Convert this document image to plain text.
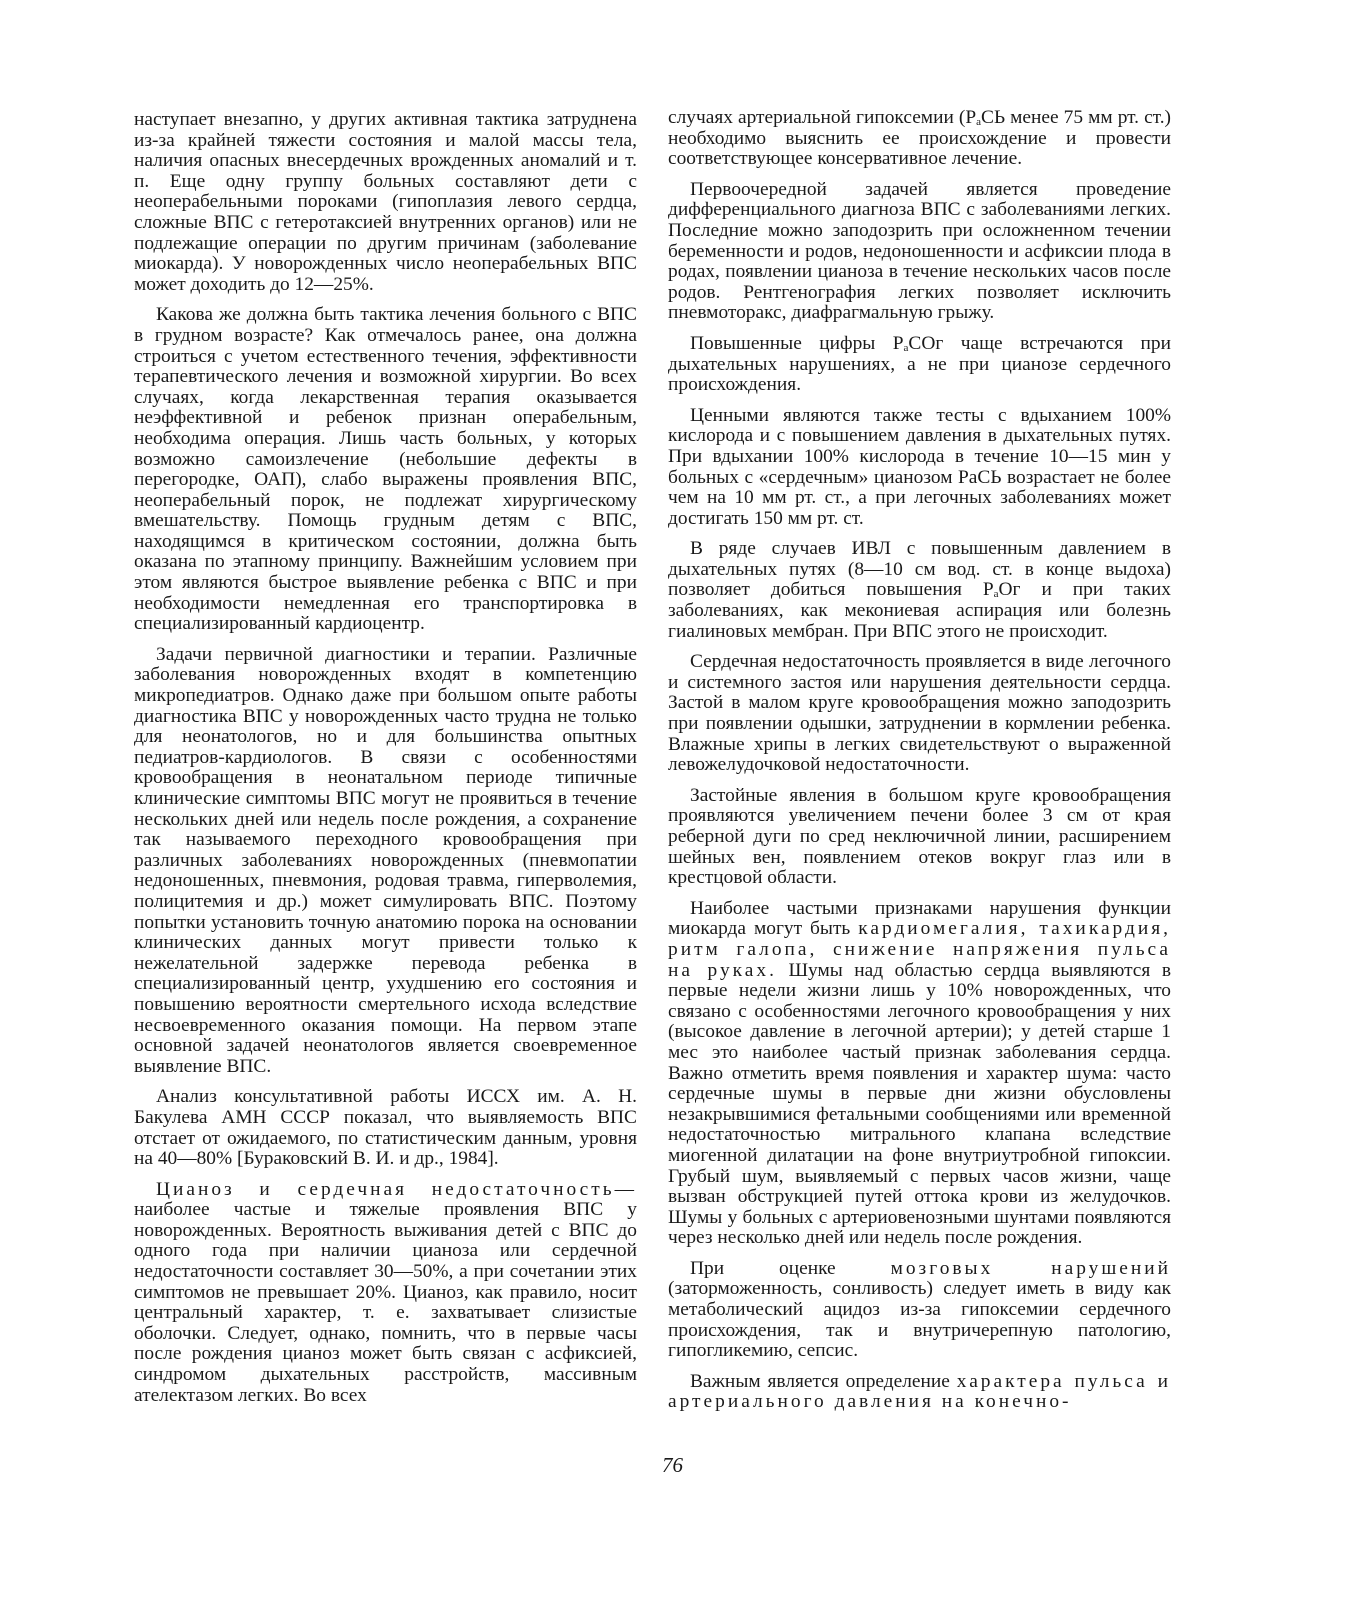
наступает внезапно, у других активная тактика затруднена из-за крайней тяжести состояния и малой массы тела, наличия опасных внесердечных врожденных аномалий и т. п. Еще одну группу больных составляют дети с неоперабельными пороками (гипоплазия левого сердца, сложные ВПС с гетеротаксией внутренних органов) или не подлежащие операции по другим причинам (заболевание миокарда). У новорожденных число неоперабельных ВПС может доходить до 12—25%.

Какова же должна быть тактика лечения больного с ВПС в грудном возрасте? Как отмечалось ранее, она должна строиться с учетом естественного течения, эффективности терапевтического лечения и возможной хирургии. Во всех случаях, когда лекарственная терапия оказывается неэффективной и ребенок признан операбельным, необходима операция. Лишь часть больных, у которых возможно самоизлечение (небольшие дефекты в перегородке, ОАП), слабо выражены проявления ВПС, неоперабельный порок, не подлежат хирургическому вмешательству. Помощь грудным детям с ВПС, находящимся в критическом состоянии, должна быть оказана по этапному принципу. Важнейшим условием при этом являются быстрое выявление ребенка с ВПС и при необходимости немедленная его транспортировка в специализированный кардиоцентр.

Задачи первичной диагностики и терапии. Различные заболевания новорожденных входят в компетенцию микропедиатров. Однако даже при большом опыте работы диагностика ВПС у новорожденных часто трудна не только для неонатологов, но и для большинства опытных педиатров-кардиологов. В связи с особенностями кровообращения в неонатальном периоде типичные клинические симптомы ВПС могут не проявиться в течение нескольких дней или недель после рождения, а сохранение так называемого переходного кровообращения при различных заболеваниях новорожденных (пневмопатии недоношенных, пневмония, родовая травма, гиперволемия, полицитемия и др.) может симулировать ВПС. Поэтому попытки установить точную анатомию порока на основании клинических данных могут привести только к нежелательной задержке перевода ребенка в специализированный центр, ухудшению его состояния и повышению вероятности смертельного исхода вследствие несвоевременного оказания помощи. На первом этапе основной задачей неонатологов является своевременное выявление ВПС.

Анализ консультативной работы ИССХ им. А. Н. Бакулева АМН СССР показал, что выявляемость ВПС отстает от ожидаемого, по статистическим данным, уровня на 40—80% [Бураковский В. И. и др., 1984].

Цианоз и сердечная недостаточность— наиболее частые и тяжелые проявления ВПС у новорожденных. Вероятность выживания детей с ВПС до одного года при наличии цианоза или сердечной недостаточности составляет 30—50%, а при сочетании этих симптомов не превышает 20%. Цианоз, как правило, носит центральный характер, т. е. захватывает слизистые оболочки. Следует, однако, помнить, что в первые часы после рождения цианоз может быть связан с асфиксией, синдромом дыхательных расстройств, массивным ателектазом легких. Во всех

случаях артериальной гипоксемии ($Р_аСЬ$ менее 75 мм рт. ст.) необходимо выяснить ее происхождение и провести соответствующее консервативное лечение.

Первоочередной задачей является проведение дифференциального диагноза ВПС с заболеваниями легких. Последние можно заподозрить при осложненном течении беременности и родов, недоношенности и асфиксии плода в родах, появлении цианоза в течение нескольких часов после родов. Рентгенография легких позволяет исключить пневмоторакс, диафрагмальную грыжу.

Повышенные цифры $Р_аСОг$ чаще встречаются при дыхательных нарушениях, а не при цианозе сердечного происхождения.

Ценными являются также тесты с вдыханием 100% кислорода и с повышением давления в дыхательных путях. При вдыхании 100% кислорода в течение 10—15 мин у больных с «сердечным» цианозом РаСЬ возрастает не более чем на 10 мм рт. ст., а при легочных заболеваниях может достигать 150 мм рт. ст.

В ряде случаев ИВЛ с повышенным давлением в дыхательных путях (8—10 см вод. ст. в конце выдоха) позволяет добиться повышения $Р_аОг$ и при таких заболеваниях, как мекониевая аспирация или болезнь гиалиновых мембран. При ВПС этого не происходит.

Сердечная недостаточность проявляется в виде легочного и системного застоя или нарушения деятельности сердца. Застой в малом круге кровообращения можно заподозрить при появлении одышки, затруднении в кормлении ребенка. Влажные хрипы в легких свидетельствуют о выраженной левожелудочковой недостаточности.

Застойные явления в большом круге кровообращения проявляются увеличением печени более 3 см от края реберной дуги по сред неключичной линии, расширением шейных вен, появлением отеков вокруг глаз или в крестцовой области.

Наиболее частыми признаками нарушения функции миокарда могут быть кардиомегалия, тахикардия, ритм галопа, снижение напряжения пульса на руках. Шумы над областью сердца выявляются в первые недели жизни лишь у 10% новорожденных, что связано с особенностями легочного кровообращения у них (высокое давление в легочной артерии); у детей старше 1 мес это наиболее частый признак заболевания сердца. Важно отметить время появления и характер шума: часто сердечные шумы в первые дни жизни обусловлены незакрывшимися фетальными сообщениями или временной недостаточностью митрального клапана вследствие миогенной дилатации на фоне внутриутробной гипоксии. Грубый шум, выявляемый с первых часов жизни, чаще вызван обструкцией путей оттока крови из желудочков. Шумы у больных с артериовенозными шунтами появляются через несколько дней или недель после рождения.

При оценке мозговых нарушений (заторможенность, сонливость) следует иметь в виду как метаболический ацидоз из-за гипоксемии сердечного происхождения, так и внутричерепную патологию, гипогликемию, сепсис.

Важным является определение характера пульса и артериального давления на конечно-

76
